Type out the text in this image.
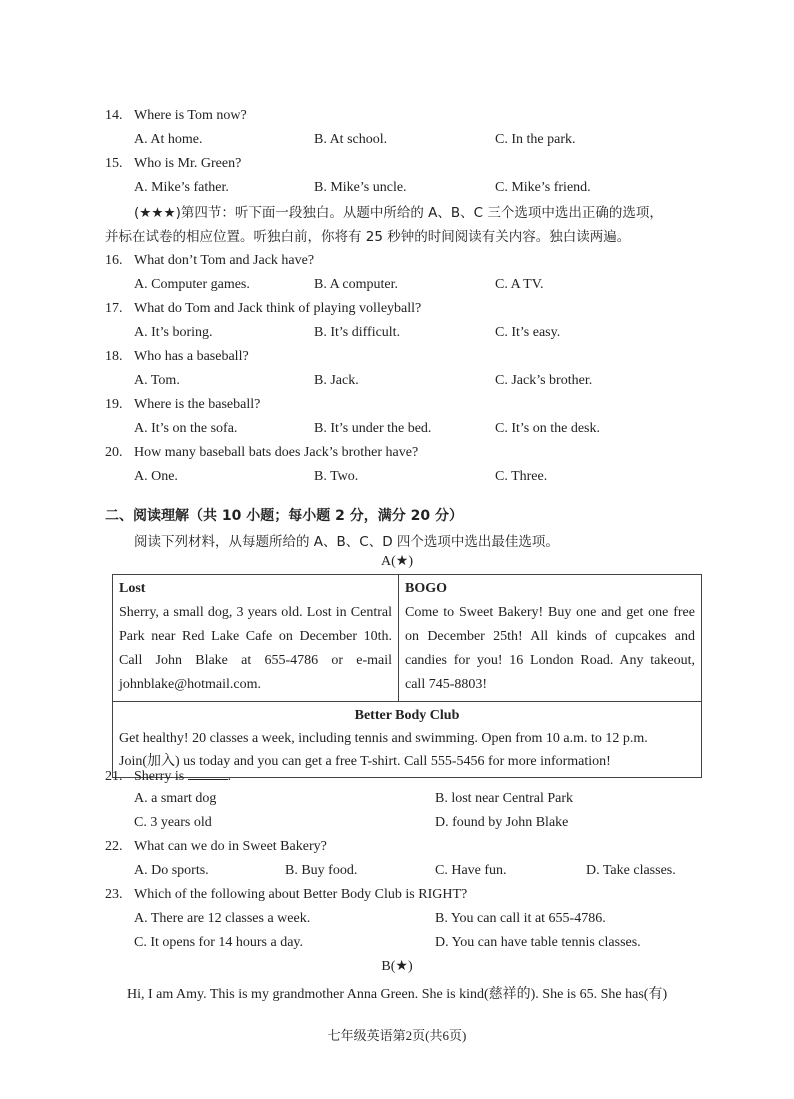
14. Where is Tom now?
A. At home.	B. At school.	C. In the park.
15. Who is Mr. Green?
A. Mike’s father.	B. Mike’s uncle.	C. Mike’s friend.
(★★★)第四节：听下面一段独白。从题中所给的 A、B、C 三个选项中选出正确的选项，
并标在试卷的相应位置。听独白前，你将有 25 秒钟的时间阅读有关内容。独白读两遍。
16. What don’t Tom and Jack have?
A. Computer games.	B. A computer.	C. A TV.
17. What do Tom and Jack think of playing volleyball?
A. It’s boring.	B. It’s difficult.	C. It’s easy.
18. Who has a baseball?
A. Tom.	B. Jack.	C. Jack’s brother.
19. Where is the baseball?
A. It’s on the sofa.	B. It’s under the bed.	C. It’s on the desk.
20. How many baseball bats does Jack’s brother have?
A. One.	B. Two.	C. Three.
二、阅读理解（共 10 小题；每小题 2 分，满分 20 分）
阅读下列材料，从每题所给的 A、B、C、D 四个选项中选出最佳选项。
A(★)
Lost
Sherry, a small dog, 3 years old. Lost in Central Park near Red Lake Cafe on December 10th. Call John Blake at 655-4786 or e-mail johnblake@hotmail.com.

BOGO
Come to Sweet Bakery! Buy one and get one free on December 25th! All kinds of cupcakes and candies for you! 16 London Road. Any takeout, call 745-8803!

Better Body Club
Get healthy! 20 classes a week, including tennis and swimming. Open from 10 a.m. to 12 p.m.
Join(加入) us today and you can get a free T-shirt. Call 555-5456 for more information!
21. Sherry is	.
A. a smart dog	B. lost near Central Park
C. 3 years old	D. found by John Blake
22. What can we do in Sweet Bakery?
A. Do sports.	B. Buy food.	C. Have fun.	D. Take classes.
23. Which of the following about Better Body Club is RIGHT?
A. There are 12 classes a week.	B. You can call it at 655-4786.
C. It opens for 14 hours a day.	D. You can have table tennis classes.
B(★)
Hi, I am Amy. This is my grandmother Anna Green. She is kind(慈祥的). She is 65. She has(有)
七年级英语第2页(共6页)
